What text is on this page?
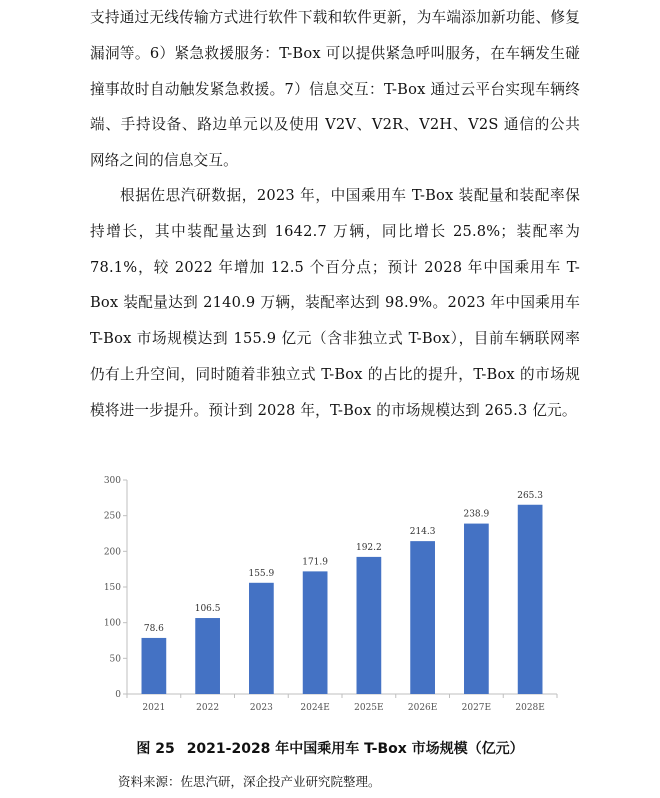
支持通过无线传输方式进行软件下载和软件更新，为车端添加新功能、修复漏洞等。6）紧急救援服务：T-Box 可以提供紧急呼叫服务，在车辆发生碰撞事故时自动触发紧急救援。7）信息交互：T-Box 通过云平台实现车辆终端、手持设备、路边单元以及使用 V2V、V2R、V2H、V2S 通信的公共网络之间的信息交互。

根据佐思汽研数据，2023 年，中国乘用车 T-Box 装配量和装配率保持增长，其中装配量达到 1642.7 万辆，同比增长 25.8%；装配率为 78.1%，较 2022 年增加 12.5 个百分点；预计 2028 年中国乘用车 T-Box 装配量达到 2140.9 万辆，装配率达到 98.9%。2023 年中国乘用车 T-Box 市场规模达到 155.9 亿元（含非独立式 T-Box），目前车辆联网率仍有上升空间，同时随着非独立式 T-Box 的占比的提升，T-Box 的市场规模将进一步提升。预计到 2028 年，T-Box 的市场规模达到 265.3 亿元。

0
50
100
150
200
250
300
78.6
2021
106.5
2022
155.9
2023
171.9
2024E
192.2
2025E
214.3
2026E
238.9
2027E
265.3
2028E
图 25 2021-2028 年中国乘用车 T-Box 市场规模（亿元）
资料来源：佐思汽研，深企投产业研究院整理。
